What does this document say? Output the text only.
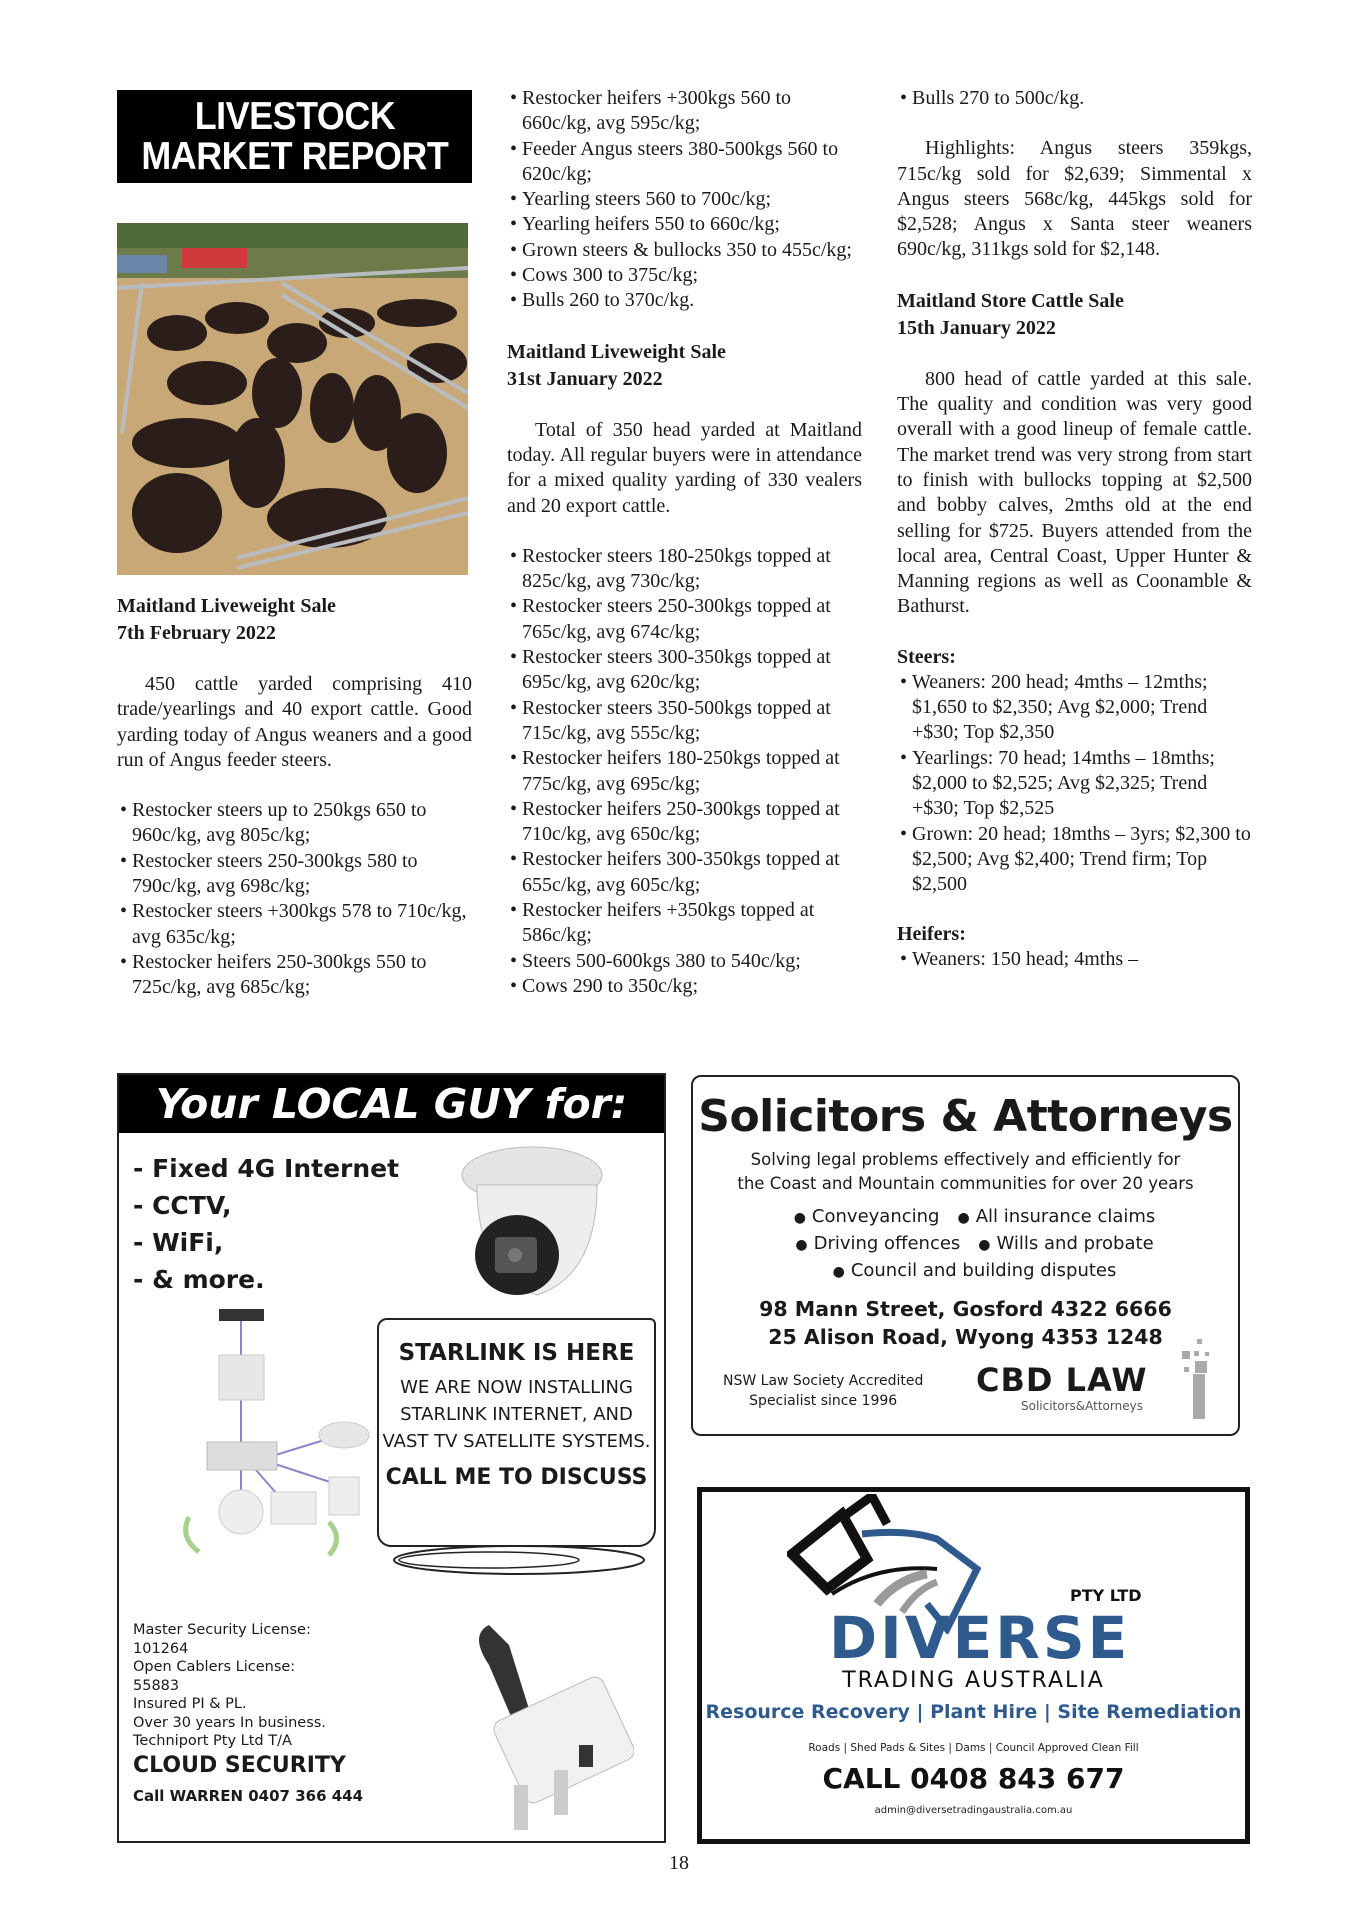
LIVESTOCK
MARKET REPORT
Maitland Liveweight Sale
7th February 2022

450 cattle yarded comprising 410 trade/yearlings and 40 export cattle. Good yarding today of Angus weaners and a good run of Angus feeder steers.

• Restocker steers up to 250kgs 650 to 960c/kg, avg 805c/kg;
• Restocker steers 250-300kgs 580 to 790c/kg, avg 698c/kg;
• Restocker steers +300kgs 578 to 710c/kg, avg 635c/kg;
• Restocker heifers 250-300kgs 550 to 725c/kg, avg 685c/kg;
• Restocker heifers +300kgs 560 to 660c/kg, avg 595c/kg;
• Feeder Angus steers 380-500kgs 560 to 620c/kg;
• Yearling steers 560 to 700c/kg;
• Yearling heifers 550 to 660c/kg;
• Grown steers & bullocks 350 to 455c/kg;
• Cows 300 to 375c/kg;
• Bulls 260 to 370c/kg.
Maitland Liveweight Sale
31st January 2022

Total of 350 head yarded at Maitland today. All regular buyers were in attendance for a mixed quality yarding of 330 vealers and 20 export cattle.

• Restocker steers 180-250kgs topped at 825c/kg, avg 730c/kg;
• Restocker steers 250-300kgs topped at 765c/kg, avg 674c/kg;
• Restocker steers 300-350kgs topped at 695c/kg, avg 620c/kg;
• Restocker steers 350-500kgs topped at 715c/kg, avg 555c/kg;
• Restocker heifers 180-250kgs topped at 775c/kg, avg 695c/kg;
• Restocker heifers 250-300kgs topped at 710c/kg, avg 650c/kg;
• Restocker heifers 300-350kgs topped at 655c/kg, avg 605c/kg;
• Restocker heifers +350kgs topped at 586c/kg;
• Steers 500-600kgs 380 to 540c/kg;
• Cows 290 to 350c/kg;
• Bulls 270 to 500c/kg.

Highlights: Angus steers 359kgs, 715c/kg sold for $2,639; Simmental x Angus steers 568c/kg, 445kgs sold for $2,528; Angus x Santa steer weaners 690c/kg, 311kgs sold for $2,148.

Maitland Store Cattle Sale
15th January 2022

800 head of cattle yarded at this sale. The quality and condition was very good overall with a good lineup of female cattle. The market trend was very strong from start to finish with bullocks topping at $2,500 and bobby calves, 2mths old at the end selling for $725. Buyers attended from the local area, Central Coast, Upper Hunter & Manning regions as well as Coonamble & Bathurst.

Steers:
• Weaners: 200 head; 4mths – 12mths; $1,650 to $2,350; Avg $2,000; Trend +$30; Top $2,350
• Yearlings: 70 head; 14mths – 18mths; $2,000 to $2,525; Avg $2,325; Trend +$30; Top $2,525
• Grown: 20 head; 18mths – 3yrs; $2,300 to $2,500; Avg $2,400; Trend firm; Top $2,500
Heifers:
• Weaners: 150 head; 4mths –
Your LOCAL GUY for:
- Fixed 4G Internet
- CCTV,
- WiFi,
- & more.
STARLINK IS HERE
WE ARE NOW INSTALLING STARLINK INTERNET, AND VAST TV SATELLITE SYSTEMS.
CALL ME TO DISCUSS
Master Security License:
101264
Open Cablers License:
55883
Insured PI & PL.
Over 30 years In business.
Techniport Pty Ltd T/A
CLOUD SECURITY
Call WARREN 0407 366 444
Solicitors & Attorneys
Solving legal problems effectively and efficiently for
the Coast and Mountain communities for over 20 years
● Conveyancing ● All insurance claims
● Driving offences ● Wills and probate
● Council and building disputes
98 Mann Street, Gosford 4322 6666
25 Alison Road, Wyong 4353 1248
NSW Law Society Accredited
Specialist since 1996
CBD LAW
Solicitors&Attorneys
PTY LTD
DIVERSE
TRADING AUSTRALIA
Resource Recovery | Plant Hire | Site Remediation
Roads | Shed Pads & Sites | Dams | Council Approved Clean Fill
CALL 0408 843 677
admin@diversetradingaustralia.com.au
18
